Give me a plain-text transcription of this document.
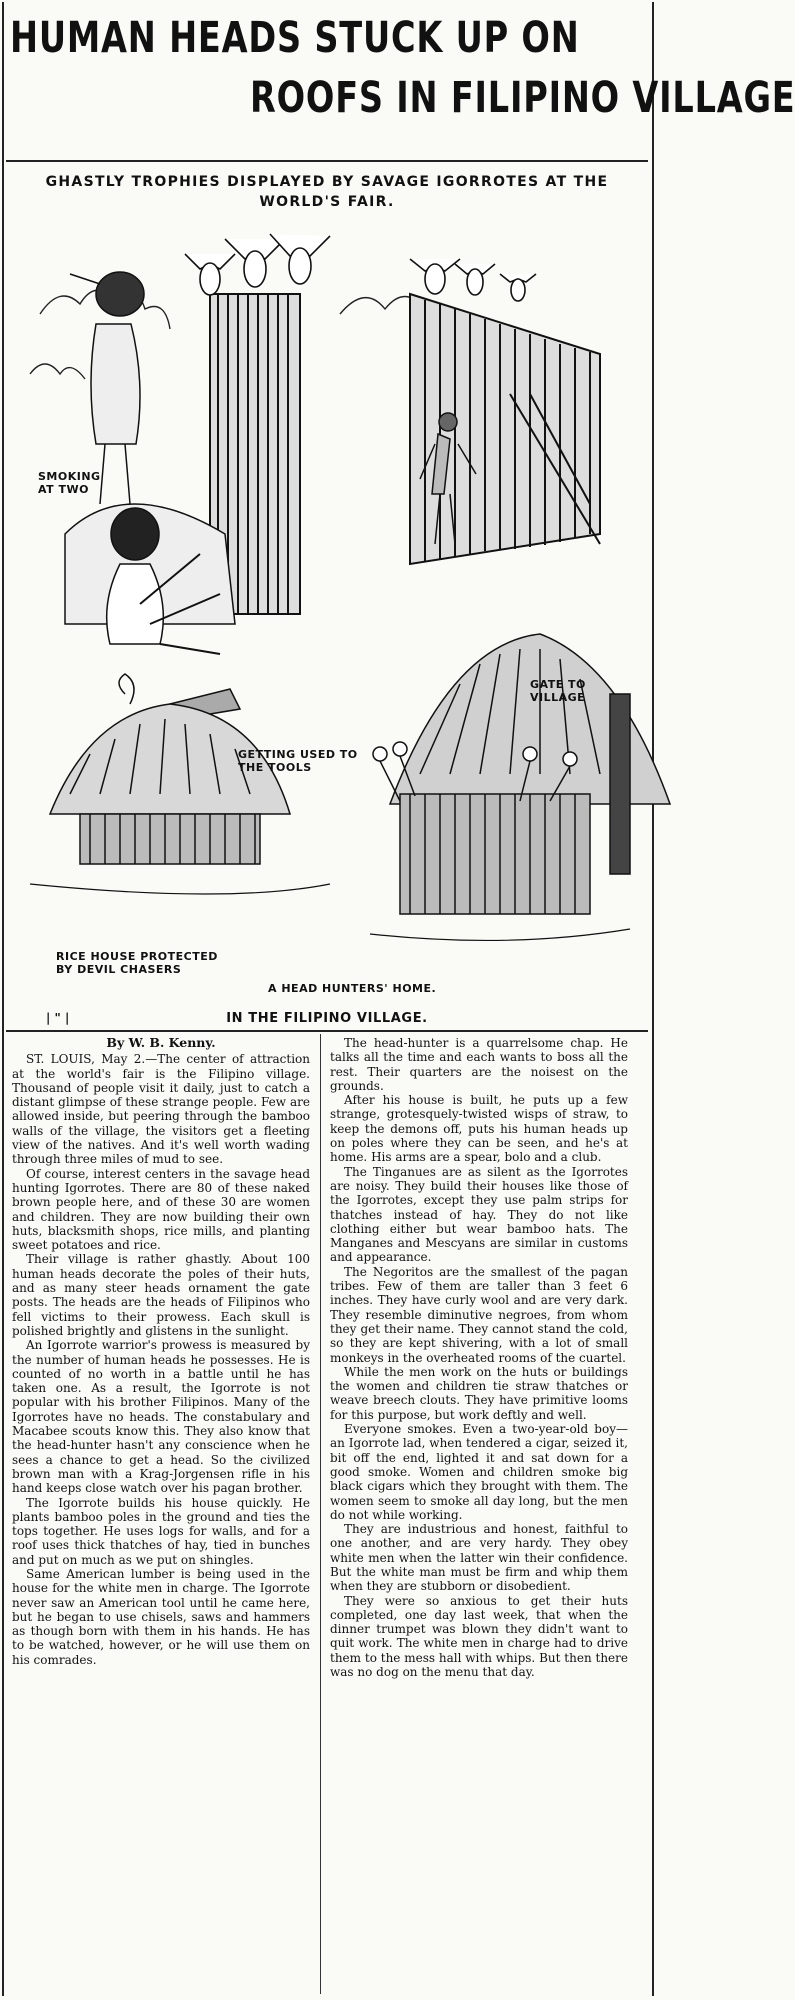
HUMAN HEADS STUCK UP ON
ROOFS IN FILIPINO VILLAGE
GHASTLY TROPHIES DISPLAYED BY SAVAGE IGORROTES AT THE WORLD'S FAIR.
SMOKING AT TWO
GETTING USED TO THE TOOLS
GATE TO VILLAGE
RICE HOUSE PROTECTED BY DEVIL CHASERS
A HEAD HUNTERS' HOME.
| " |	IN THE FILIPINO VILLAGE.

By W. B. Kenny.

ST. LOUIS, May 2.—The center of attraction at the world's fair is the Filipino village. Thousand of people visit it daily, just to catch a distant glimpse of these strange people. Few are allowed inside, but peering through the bamboo walls of the village, the visitors get a fleeting view of the natives. And it's well worth wading through three miles of mud to see.

Of course, interest centers in the savage head hunting Igorrotes. There are 80 of these naked brown people here, and of these 30 are women and children. They are now building their own huts, blacksmith shops, rice mills, and planting sweet potatoes and rice.

Their village is rather ghastly. About 100 human heads decorate the poles of their huts, and as many steer heads ornament the gate posts. The heads are the heads of Filipinos who fell victims to their prowess. Each skull is polished brightly and glistens in the sunlight.

An Igorrote warrior's prowess is measured by the number of human heads he possesses. He is counted of no worth in a battle until he has taken one. As a result, the Igorrote is not popular with his brother Filipinos. Many of the Igorrotes have no heads. The constabulary and Macabee scouts know this. They also know that the head-hunter hasn't any conscience when he sees a chance to get a head. So the civilized brown man with a Krag-Jorgensen rifle in his hand keeps close watch over his pagan brother.

The Igorrote builds his house quickly. He plants bamboo poles in the ground and ties the tops together. He uses logs for walls, and for a roof uses thick thatches of hay, tied in bunches and put on much as we put on shingles.

Same American lumber is being used in the house for the white men in charge. The Igorrote never saw an American tool until he came here, but he began to use chisels, saws and hammers as though born with them in his hands. He has to be watched, however, or he will use them on his comrades.

The head-hunter is a quarrelsome chap. He talks all the time and each wants to boss all the rest. Their quarters are the noisest on the grounds.

After his house is built, he puts up a few strange, grotesquely-twisted wisps of straw, to keep the demons off, puts his human heads up on poles where they can be seen, and he's at home. His arms are a spear, bolo and a club.

The Tinganues are as silent as the Igorrotes are noisy. They build their houses like those of the Igorrotes, except they use palm strips for thatches instead of hay. They do not like clothing either but wear bamboo hats. The Manganes and Mescyans are similar in customs and appearance.

The Negoritos are the smallest of the pagan tribes. Few of them are taller than 3 feet 6 inches. They have curly wool and are very dark. They resemble diminutive negroes, from whom they get their name. They cannot stand the cold, so they are kept shivering, with a lot of small monkeys in the overheated rooms of the cuartel.

While the men work on the huts or buildings the women and children tie straw thatches or weave breech clouts. They have primitive looms for this purpose, but work deftly and well.

Everyone smokes. Even a two-year-old boy—an Igorrote lad, when tendered a cigar, seized it, bit off the end, lighted it and sat down for a good smoke. Women and children smoke big black cigars which they brought with them. The women seem to smoke all day long, but the men do not while working.

They are industrious and honest, faithful to one another, and are very hardy. They obey white men when the latter win their confidence. But the white man must be firm and whip them when they are stubborn or disobedient.

They were so anxious to get their huts completed, one day last week, that when the dinner trumpet was blown they didn't want to quit work. The white men in charge had to drive them to the mess hall with whips. But then there was no dog on the menu that day.
